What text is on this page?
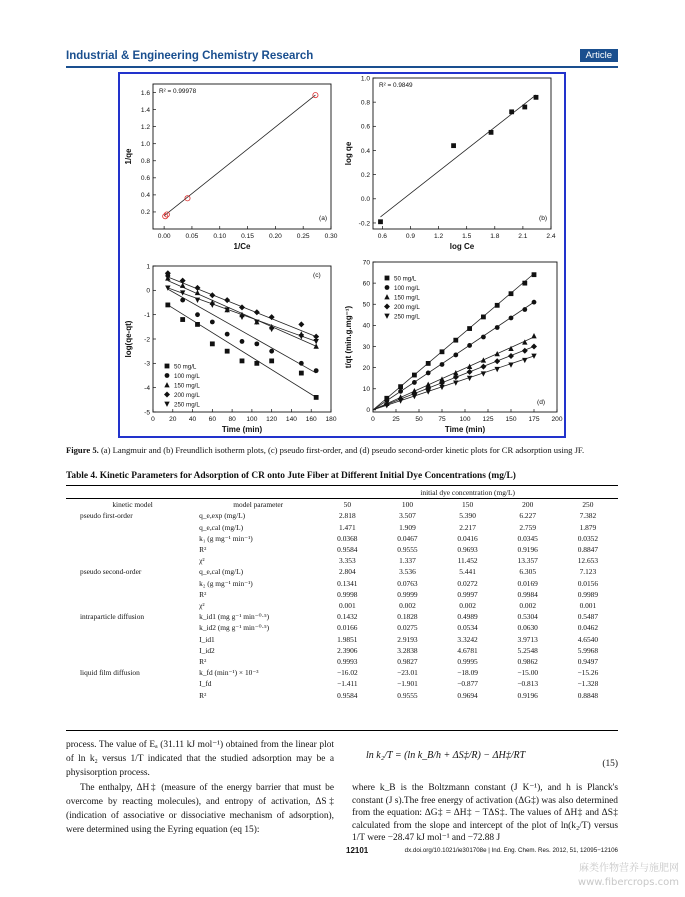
Industrial & Engineering Chemistry Research	Article
0.00 0.05 0.10 0.15 0.20 0.25 0.30
0.2
0.4
0.6
0.8
1.0
1.2
1.4
1.6
1/Ce
1/qe
R² = 0.99978
(a)
0.6	0.9	1.2	1.5	1.8	2.1	2.4
-0.2
0.0
0.2
0.4
0.6
0.8
1.0
log Ce
log qe
R² = 0.9849
(b)
0 20 40 60 80 100 120 140 160 180
-5
-4
-3
-2
-1
0
1
Time (min)
log(qe-qt)
(c)
50 mg/L
100 mg/L
150 mg/L
200 mg/L
250 mg/L
0	25 50 75 100 125 150 175 200
0
10
20
30
40
50
60
70
Time (min)
t/qt (min.g.mg⁻¹)
(d)
50 mg/L
100 mg/L
150 mg/L
200 mg/L
250 mg/L
Figure 5. (a) Langmuir and (b) Freundlich isotherm plots, (c) pseudo first-order, and (d) pseudo second-order kinetic plots for CR adsorption using JF.
Table 4. Kinetic Parameters for Adsorption of CR onto Jute Fiber at Different Initial Dye Concentrations (mg/L)
		initial dye concentration (mg/L)				
kinetic model	model parameter	50	100	150	200	250
pseudo first-order	q_e,exp (mg/L)	2.818	3.507	5.390	6.227	7.382
	q_e,cal (mg/L)	1.471	1.909	2.217	2.759	1.879
	k₁ (g mg⁻¹ min⁻¹)	0.0368	0.0467	0.0416	0.0345	0.0352
	R²	0.9584	0.9555	0.9693	0.9196	0.8847
	χ²	3.353	1.337	11.452	13.357	12.653
pseudo second-order	q_e,cal (mg/L)	2.804	3.536	5.441	6.305	7.123
	k₂ (g mg⁻¹ min⁻¹)	0.1341	0.0763	0.0272	0.0169	0.0156
	R²	0.9998	0.9999	0.9997	0.9984	0.9989
	χ²	0.001	0.002	0.002	0.002	0.001
intraparticle diffusion	k_id1 (mg g⁻¹ min⁻⁰·⁵)	0.1432	0.1828	0.4989	0.5304	0.5487
	k_id2 (mg g⁻¹ min⁻⁰·⁵)	0.0166	0.0275	0.0534	0.0630	0.0462
	I_id1	1.9851	2.9193	3.3242	3.9713	4.6540
	I_id2	2.3906	3.2838	4.6781	5.2548	5.9968
	R²	0.9993	0.9827	0.9995	0.9862	0.9497
liquid film diffusion	k_fd (min⁻¹) × 10⁻³	−16.02	−23.01	−18.09	−15.00	−15.26
	I_fd	−1.411	−1.901	−0.877	−0.813	−1.328
	R²	0.9584	0.9555	0.9694	0.9196	0.8848

process. The value of Eₐ (31.11 kJ mol⁻¹) obtained from the linear plot of ln k₂ versus 1/T indicated that the studied adsorption may be a physisorption process.

The enthalpy, ΔH‡ (measure of the energy barrier that must be overcome by reacting molecules), and entropy of activation, ΔS‡ (indication of associative or dissociative mechanism of adsorption), were determined using the Eyring equation (eq 15):

ln k₂/T = (ln k_B/h + ΔS‡/R) − ΔH‡/RT
(15)

where k_B is the Boltzmann constant (J K⁻¹), and h is Planck's constant (J s).The free energy of activation (ΔG‡) was also determined from the equation: ΔG‡ = ΔH‡ − TΔS‡. The values of ΔH‡ and ΔS‡ calculated from the slope and intercept of the plot of ln(k₂/T) versus 1/T were −28.47 kJ mol⁻¹ and −72.88 J

12101	dx.doi.org/10.1021/ie301708e | Ind. Eng. Chem. Res. 2012, 51, 12095−12106
麻类作物营养与施肥网
www.fibercrops.com
